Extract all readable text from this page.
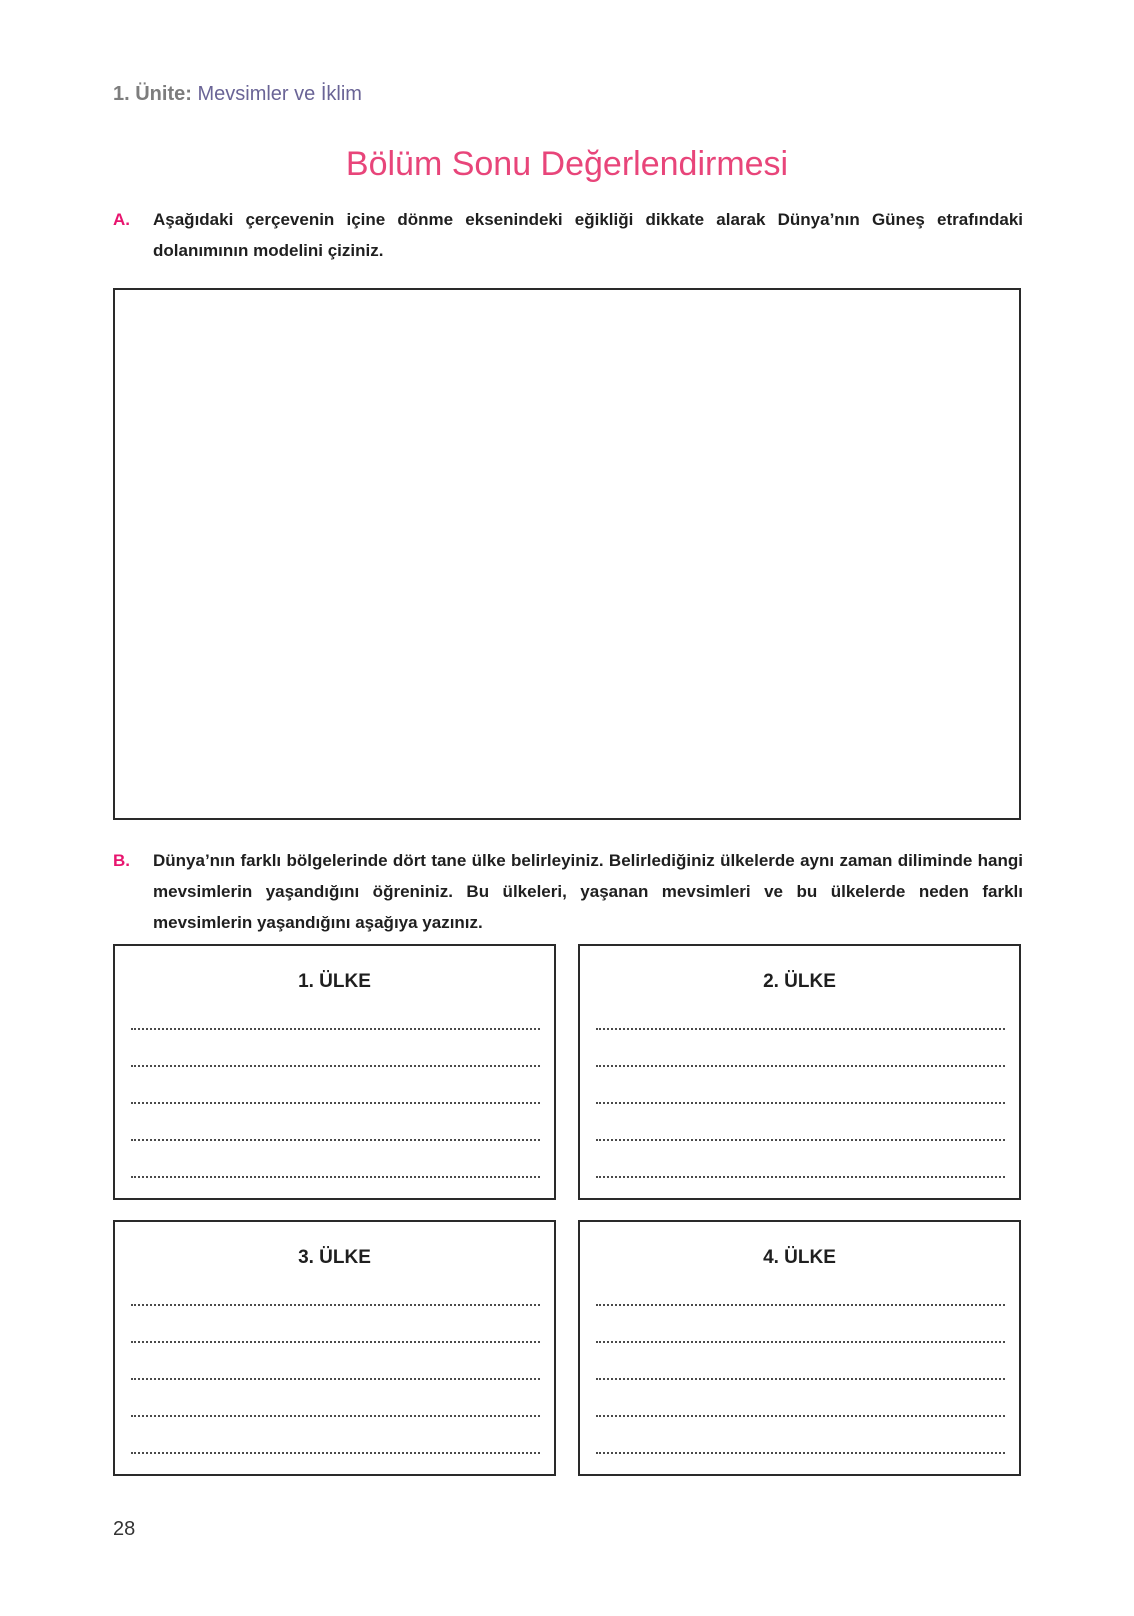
1. Ünite: Mevsimler ve İklim
Bölüm Sonu Değerlendirmesi
A. Aşağıdaki çerçevenin içine dönme eksenindeki eğikliği dikkate alarak Dünya’nın Güneş etrafındaki dolanımının modelini çiziniz.
B. Dünya’nın farklı bölgelerinde dört tane ülke belirleyiniz. Belirlediğiniz ülkelerde aynı zaman diliminde hangi mevsimlerin yaşandığını öğreniniz. Bu ülkeleri, yaşanan mevsimleri ve bu ülkelerde neden farklı mevsimlerin yaşandığını aşağıya yazınız.
1. ÜLKE	2. ÜLKE
3. ÜLKE	4. ÜLKE
28
